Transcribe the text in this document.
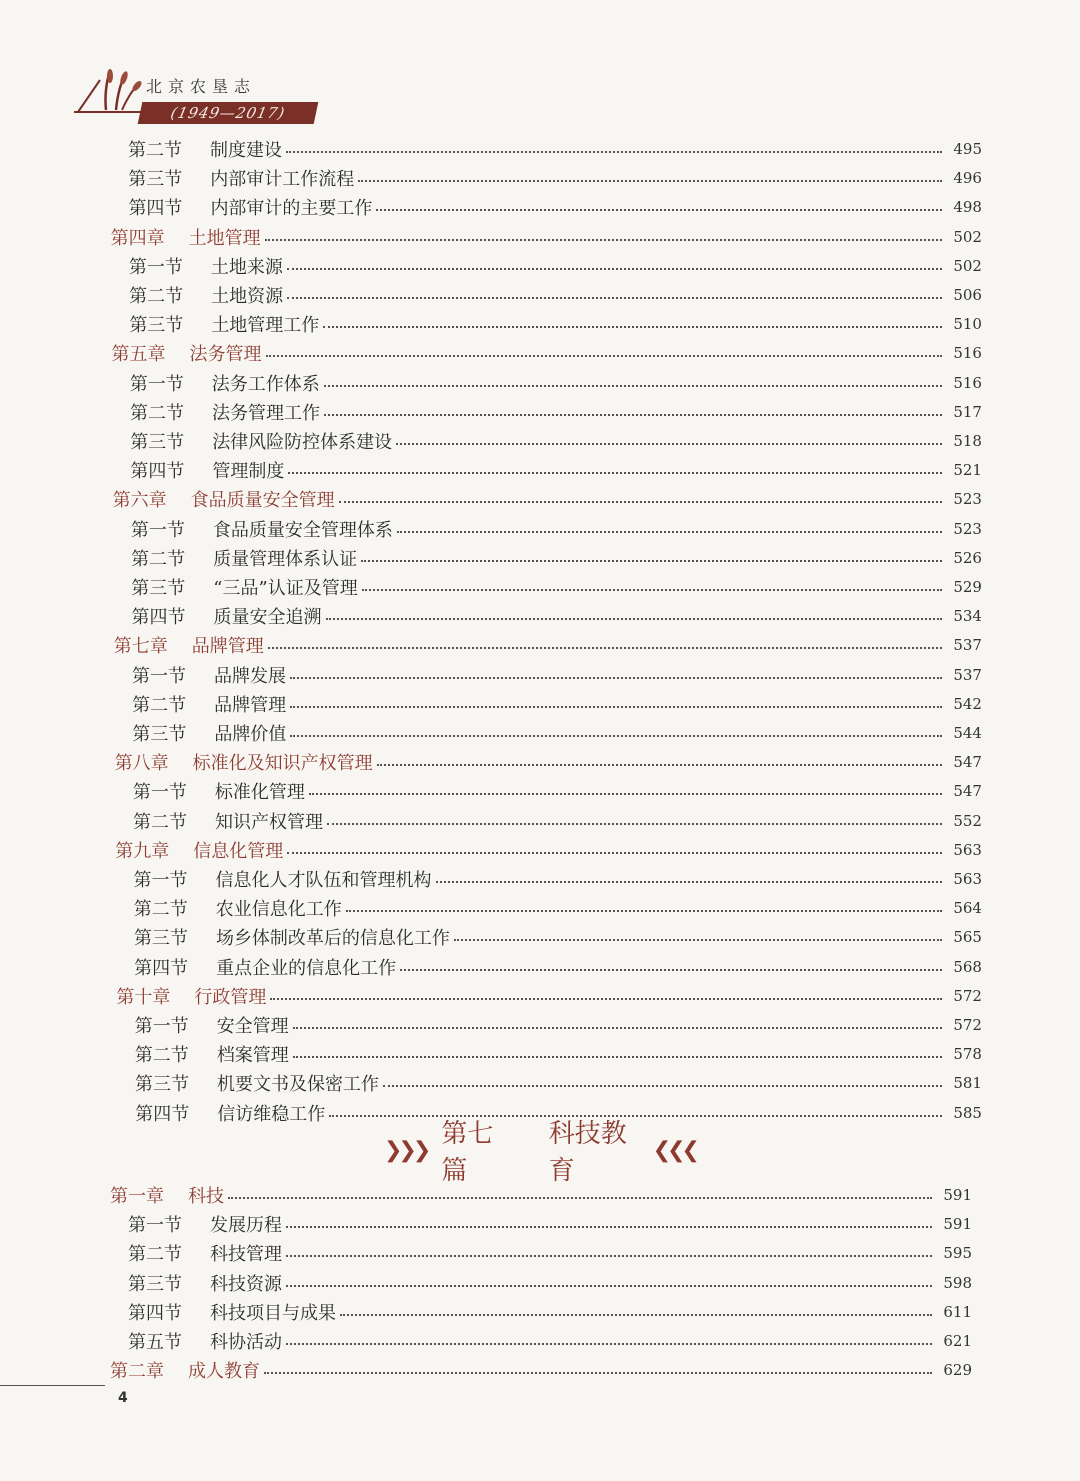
北京农垦志
(1949—2017)
第二节	制度建设	495
第三节	内部审计工作流程	496
第四节	内部审计的主要工作	498
第四章	土地管理	502
第一节	土地来源	502
第二节	土地资源	506
第三节	土地管理工作	510
第五章	法务管理	516
第一节	法务工作体系	516
第二节	法务管理工作	517
第三节	法律风险防控体系建设	518
第四节	管理制度	521
第六章	食品质量安全管理	523
第一节	食品质量安全管理体系	523
第二节	质量管理体系认证	526
第三节	“三品”认证及管理	529
第四节	质量安全追溯	534
第七章	品牌管理	537
第一节	品牌发展	537
第二节	品牌管理	542
第三节	品牌价值	544
第八章	标准化及知识产权管理	547
第一节	标准化管理	547
第二节	知识产权管理	552
第九章	信息化管理	563
第一节	信息化人才队伍和管理机构	563
第二节	农业信息化工作	564
第三节	场乡体制改革后的信息化工作	565
第四节	重点企业的信息化工作	568
第十章	行政管理	572
第一节	安全管理	572
第二节	档案管理	578
第三节	机要文书及保密工作	581
第四节	信访维稳工作	585
第一章	科技	591
第一节	发展历程	591
第二节	科技管理	595
第三节	科技资源	598
第四节	科技项目与成果	611
第五节	科协活动	621
第二章	成人教育	629
❯❯❯
第七篇
科技教育
❮❮❮
4
